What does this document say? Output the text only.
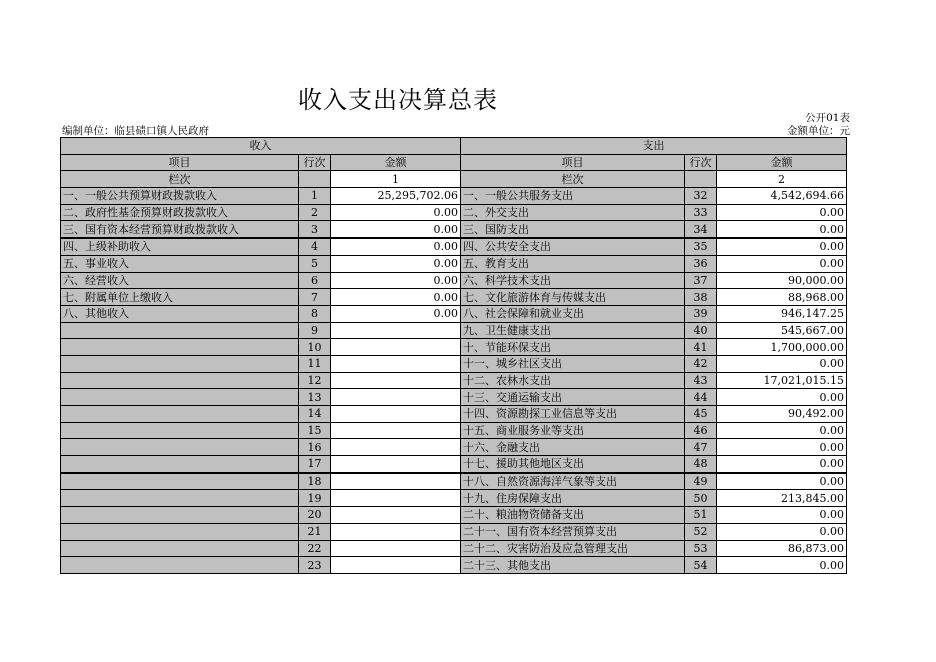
收入支出决算总表
公开01表
编制单位：临县碛口镇人民政府	金额单位：元
收入			支出		
项目	行次	金额	项目	行次	金额
栏次		1	栏次		2
一、一般公共预算财政拨款收入	1	25,295,702.06	一、一般公共服务支出	32	4,542,694.66
二、政府性基金预算财政拨款收入	2	0.00	二、外交支出	33	0.00
三、国有资本经营预算财政拨款收入	3	0.00	三、国防支出	34	0.00
四、上级补助收入	4	0.00	四、公共安全支出	35	0.00
五、事业收入	5	0.00	五、教育支出	36	0.00
六、经营收入	6	0.00	六、科学技术支出	37	90,000.00
七、附属单位上缴收入	7	0.00	七、文化旅游体育与传媒支出	38	88,968.00
八、其他收入	8	0.00	八、社会保障和就业支出	39	946,147.25
	9		九、卫生健康支出	40	545,667.00
	10		十、节能环保支出	41	1,700,000.00
	11		十一、城乡社区支出	42	0.00
	12		十二、农林水支出	43	17,021,015.15
	13		十三、交通运输支出	44	0.00
	14		十四、资源勘探工业信息等支出	45	90,492.00
	15		十五、商业服务业等支出	46	0.00
	16		十六、金融支出	47	0.00
	17		十七、援助其他地区支出	48	0.00
	18		十八、自然资源海洋气象等支出	49	0.00
	19		十九、住房保障支出	50	213,845.00
	20		二十、粮油物资储备支出	51	0.00
	21		二十一、国有资本经营预算支出	52	0.00
	22		二十二、灾害防治及应急管理支出	53	86,873.00
	23		二十三、其他支出	54	0.00
